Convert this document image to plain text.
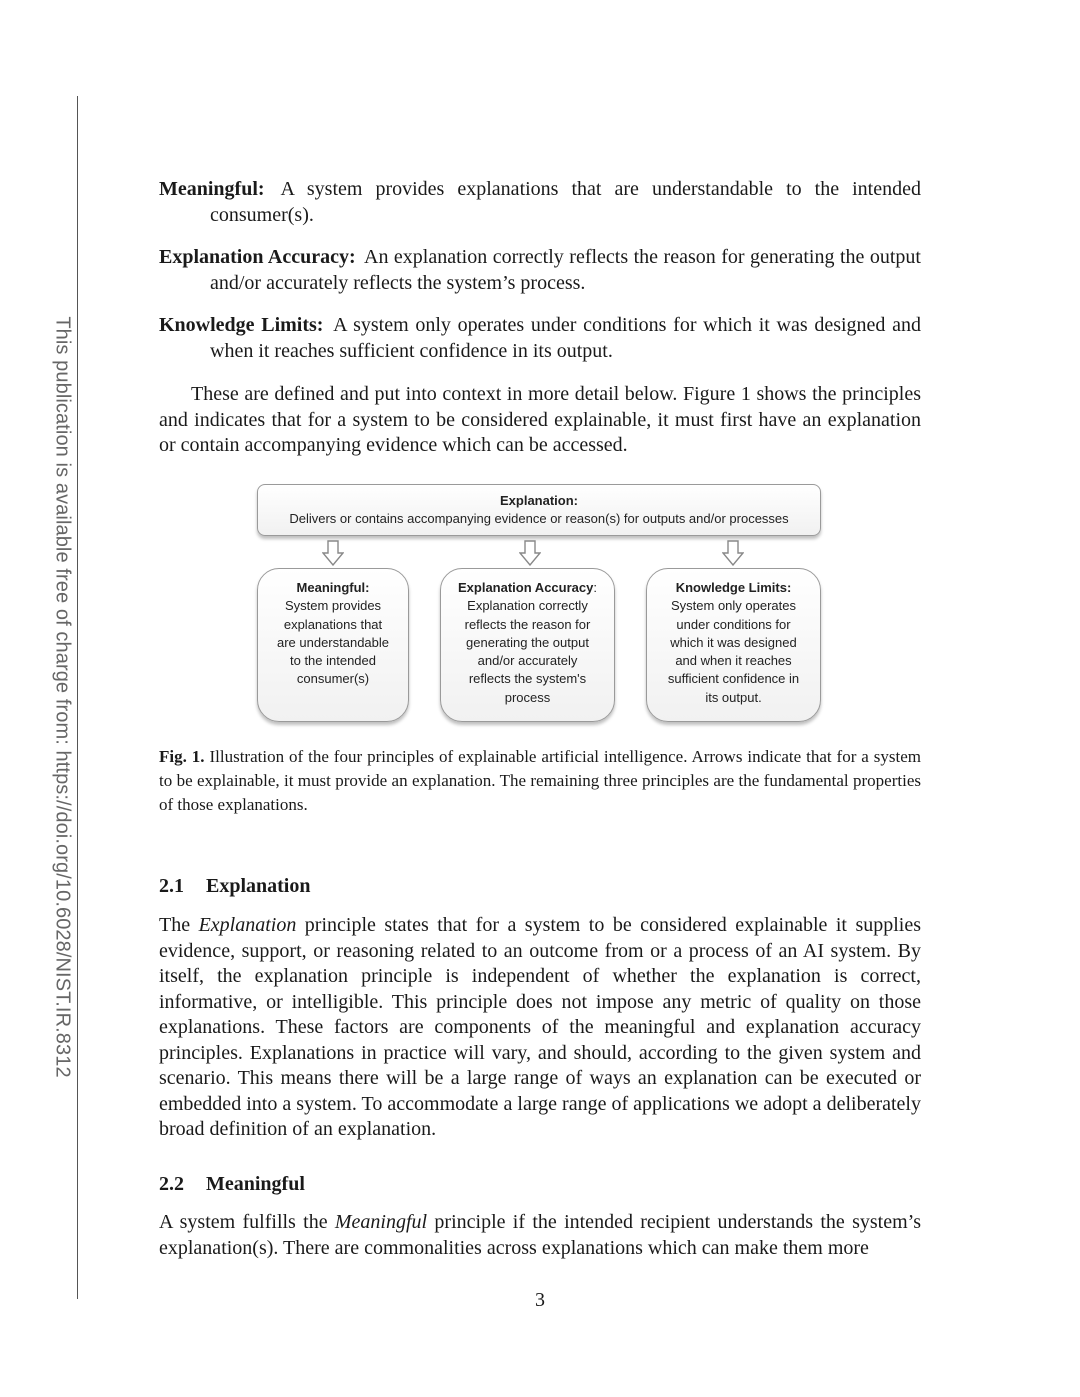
This publication is available free of charge from: https://doi.org/10.6028/NIST.IR.8312

Meaningful: A system provides explanations that are understandable to the intended consumer(s).

Explanation Accuracy: An explanation correctly reflects the reason for generating the output and/or accurately reflects the system’s process.

Knowledge Limits: A system only operates under conditions for which it was designed and when it reaches sufficient confidence in its output.

These are defined and put into context in more detail below. Figure 1 shows the principles and indicates that for a system to be considered explainable, it must first have an explanation or contain accompanying evidence which can be accessed.

Explanation:
Delivers or contains accompanying evidence or reason(s) for outputs and/or processes
Meaningful:
System provides
explanations that
are understandable
to the intended
consumer(s)
Explanation Accuracy:
Explanation correctly
reflects the reason for
generating the output
and/or accurately
reflects the system's
process
Knowledge Limits:
System only operates
under conditions for
which it was designed
and when it reaches
sufficient confidence in
its output.
Fig. 1. Illustration of the four principles of explainable artificial intelligence. Arrows indicate that for a system to be explainable, it must provide an explanation. The remaining three principles are the fundamental properties of those explanations.
2.1 Explanation

The Explanation principle states that for a system to be considered explainable it supplies evidence, support, or reasoning related to an outcome from or a process of an AI system. By itself, the explanation principle is independent of whether the explanation is correct, informative, or intelligible. This principle does not impose any metric of quality on those explanations. These factors are components of the meaningful and explanation accuracy principles. Explanations in practice will vary, and should, according to the given system and scenario. This means there will be a large range of ways an explanation can be executed or embedded into a system. To accommodate a large range of applications we adopt a deliberately broad definition of an explanation.

2.2 Meaningful

A system fulfills the Meaningful principle if the intended recipient understands the system’s explanation(s). There are commonalities across explanations which can make them more

3
